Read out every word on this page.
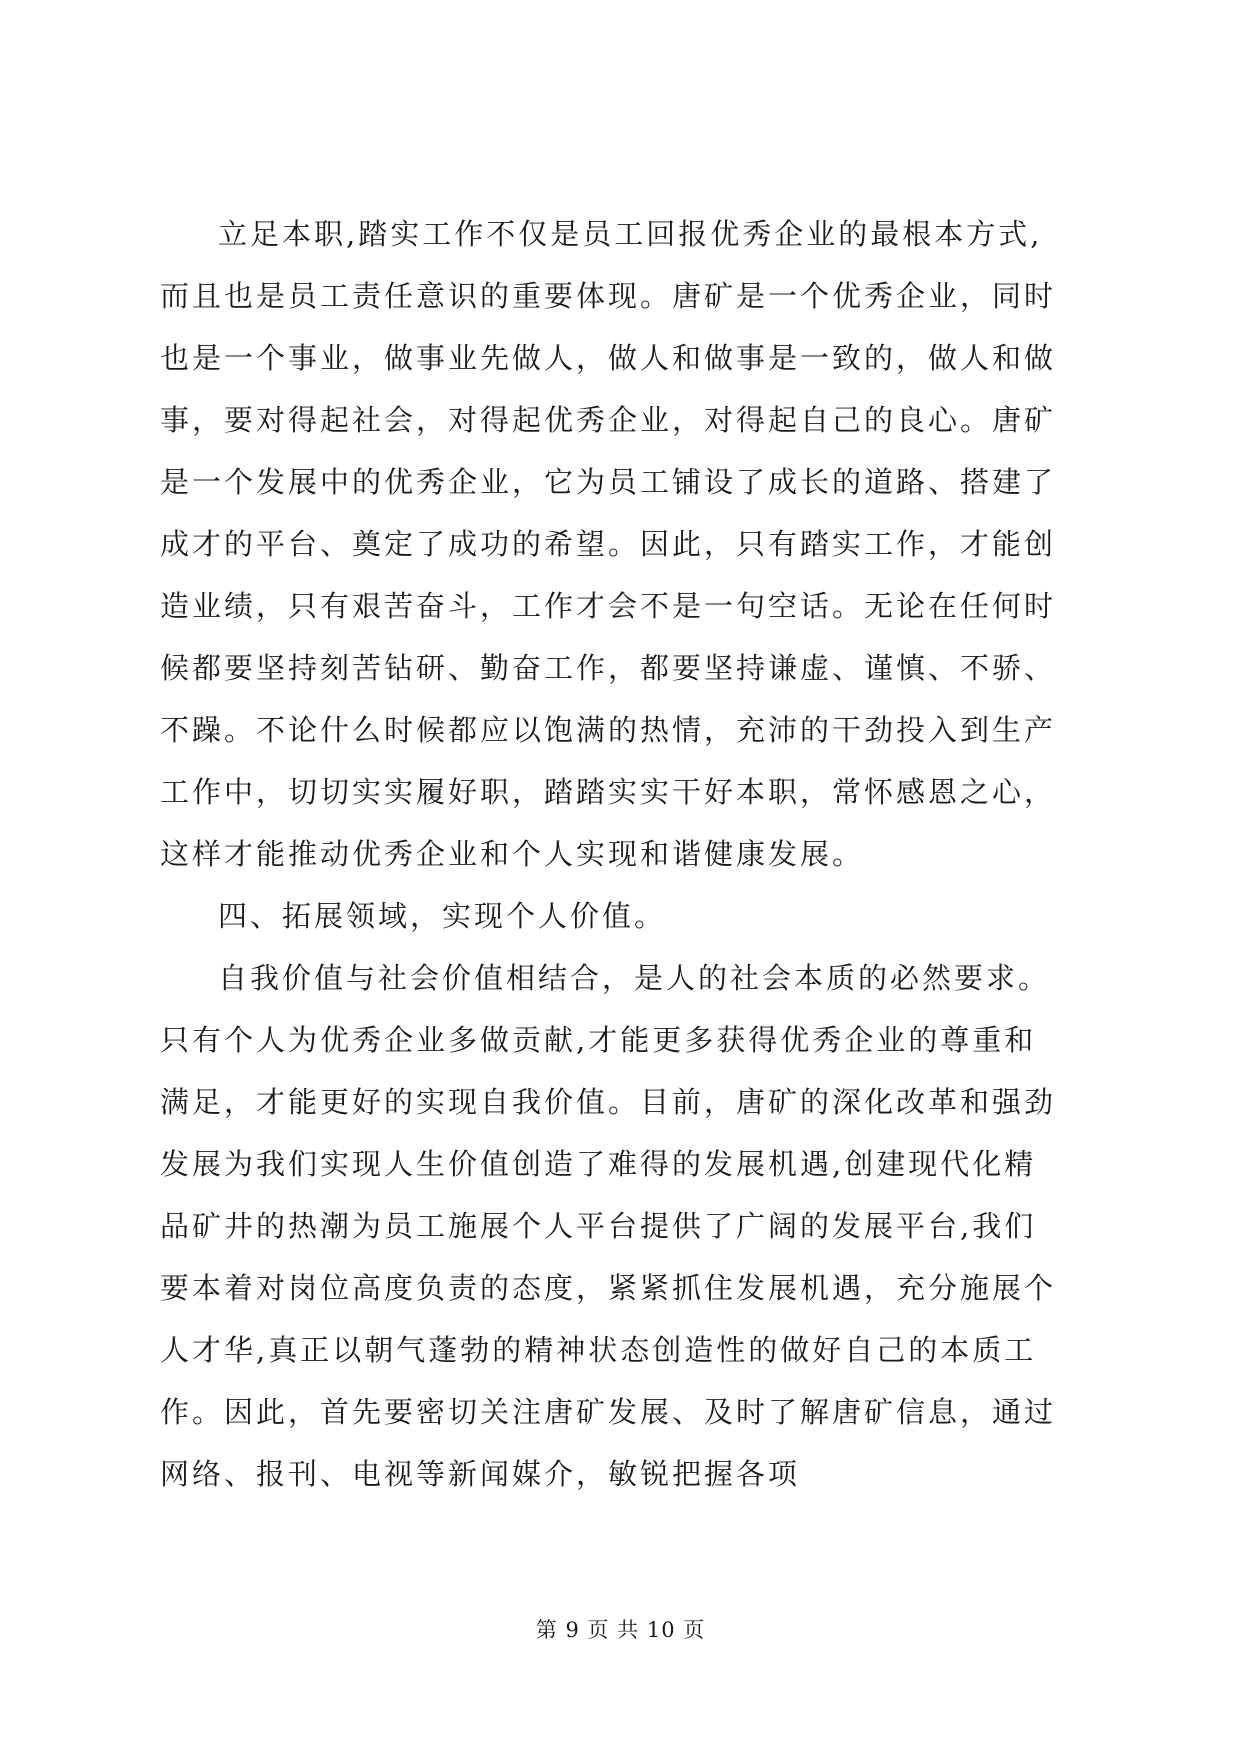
立足本职,踏实工作不仅是员工回报优秀企业的最根本方式,
而且也是员工责任意识的重要体现。唐矿是一个优秀企业，同时
也是一个事业，做事业先做人，做人和做事是一致的，做人和做
事，要对得起社会，对得起优秀企业，对得起自己的良心。唐矿
是一个发展中的优秀企业，它为员工铺设了成长的道路、搭建了
成才的平台、奠定了成功的希望。因此，只有踏实工作，才能创
造业绩，只有艰苦奋斗，工作才会不是一句空话。无论在任何时
候都要坚持刻苦钻研、勤奋工作，都要坚持谦虚、谨慎、不骄、
不躁。不论什么时候都应以饱满的热情，充沛的干劲投入到生产
工作中，切切实实履好职，踏踏实实干好本职，常怀感恩之心，
这样才能推动优秀企业和个人实现和谐健康发展。
四、拓展领域，实现个人价值。
自我价值与社会价值相结合，是人的社会本质的必然要求。
只有个人为优秀企业多做贡献,才能更多获得优秀企业的尊重和
满足，才能更好的实现自我价值。目前，唐矿的深化改革和强劲
发展为我们实现人生价值创造了难得的发展机遇,创建现代化精
品矿井的热潮为员工施展个人平台提供了广阔的发展平台,我们
要本着对岗位高度负责的态度，紧紧抓住发展机遇，充分施展个
人才华,真正以朝气蓬勃的精神状态创造性的做好自己的本质工
作。因此，首先要密切关注唐矿发展、及时了解唐矿信息，通过
网络、报刊、电视等新闻媒介，敏锐把握各项
第 9 页 共 10 页
